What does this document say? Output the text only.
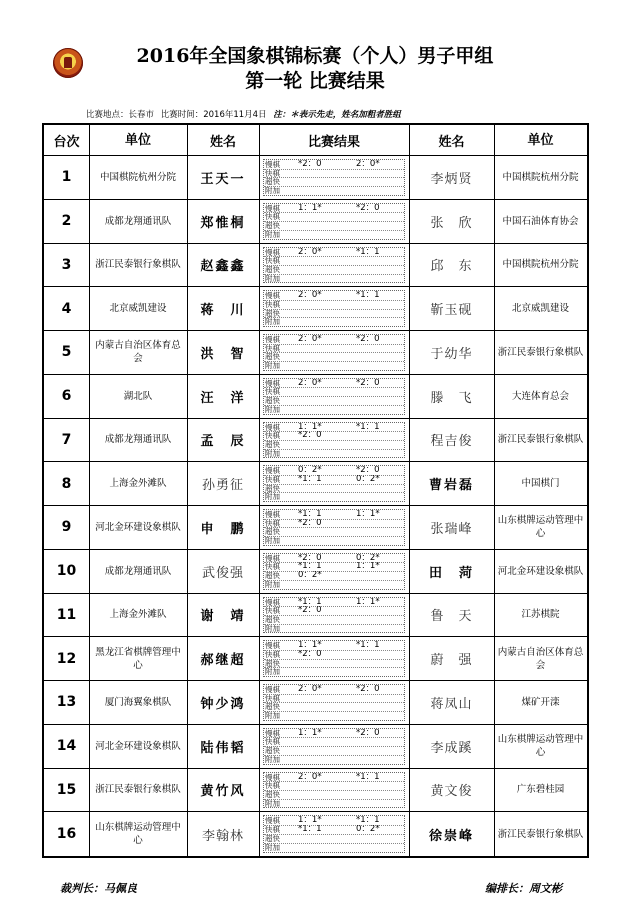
2016年全国象棋锦标赛（个人）男子甲组
第一轮 比赛结果
比赛地点：长春市 比赛时间：2016年11月4日 注：＊表示先走，姓名加粗者胜组
台次	单位	姓名	比赛结果	姓名	单位
1	中国棋院杭州分院	王天一
慢棋 *2：0	2：0*
快棋
超快
附加
李炳贤	中国棋院杭州分院
2	成都龙翔通讯队	郑惟桐
慢棋 1：1*	*2：0
快棋
超快
附加
张　欣	中国石油体育协会
3	浙江民泰银行象棋队	赵鑫鑫
慢棋 2：0*	*1：1
快棋
超快
附加
邱　东	中国棋院杭州分院
4	北京威凯建设	蒋　川
慢棋 2：0*	*1：1
快棋
超快
附加
靳玉砚	北京威凯建设
5	内蒙古自治区体育总会	洪　智
慢棋 2：0*	*2：0
快棋
超快
附加
于幼华	浙江民泰银行象棋队
6	湖北队	汪　洋
慢棋 2：0*	*2：0
快棋
超快
附加
滕　飞	大连体育总会
7	成都龙翔通讯队	孟　辰
慢棋 1：1*	*1：1
快棋 *2：0
超快
附加
程吉俊	浙江民泰银行象棋队
8	上海金外滩队	孙勇征
慢棋 0：2*	*2：0
快棋 *1：1	0：2*
超快
附加
曹岩磊	中国棋门
9	河北金环建设象棋队	申　鹏
慢棋 *1：1	1：1*
快棋 *2：0
超快
附加
张瑞峰
山东棋牌运动管理中心
10	成都龙翔通讯队	武俊强
慢棋 *2：0	0：2*
快棋 *1：1	1：1*
超快 0：2*
附加
田　菏	河北金环建设象棋队
11	上海金外滩队	谢　靖
慢棋 *1：1	1：1*
快棋 *2：0
超快
附加
鲁　天	江苏棋院
12	黑龙江省棋牌管理中心	郝继超
慢棋 1：1*	*1：1
快棋 *2：0
超快
附加
蔚　强
内蒙古自治区体育总会
13	厦门海翼象棋队	钟少鸿
慢棋 2：0*	*2：0
快棋
超快
附加
蒋凤山	煤矿开滦
14	河北金环建设象棋队	陆伟韬
慢棋 1：1*	*2：0
快棋
超快
附加
李成蹊
山东棋牌运动管理中心
15	浙江民泰银行象棋队	黄竹风
慢棋 2：0*	*1：1
快棋
超快
附加
黄文俊	广东碧桂园
16	山东棋牌运动管理中心	李翰林
慢棋 1：1*	*1：1
快棋 *1：1	0：2*
超快
附加
徐崇峰	浙江民泰银行象棋队
裁判长：马佩良	编排长：周文彬
